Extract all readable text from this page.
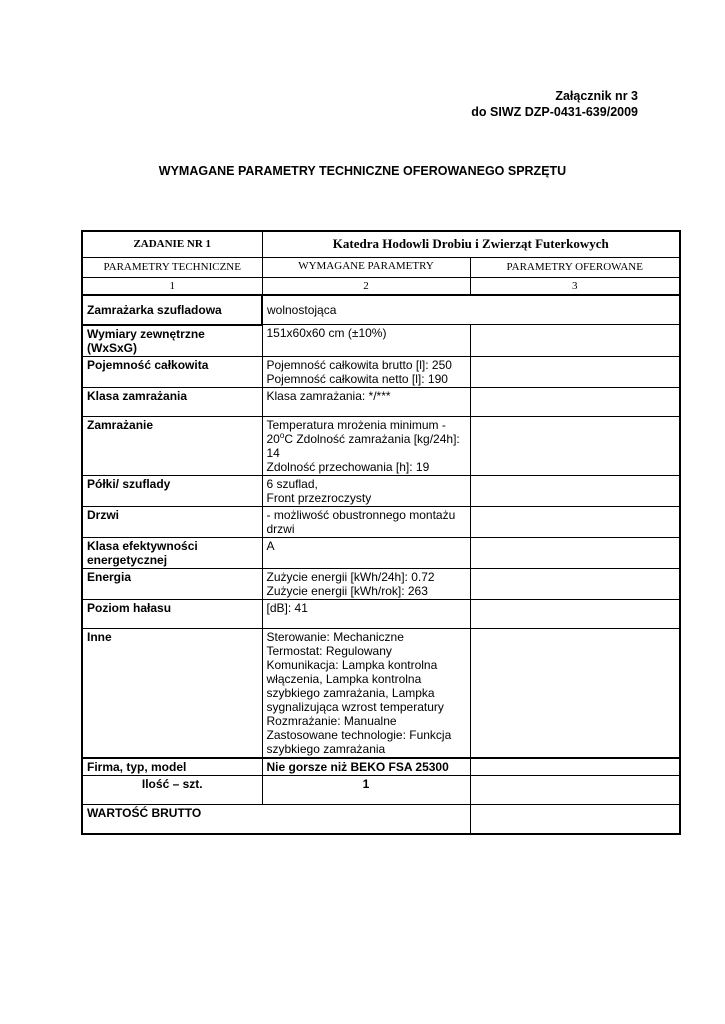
Załącznik nr 3
do SIWZ DZP-0431-639/2009
WYMAGANE PARAMETRY TECHNICZNE OFEROWANEGO SPRZĘTU
ZADANIE NR 1	Katedra Hodowli Drobiu i Zwierząt Futerkowych	
PARAMETRY TECHNICZNE	WYMAGANE PARAMETRY	PARAMETRY OFEROWANE
1	2	3
Zamrażarka szufladowa	wolnostojąca	
Wymiary zewnętrzne (WxSxG)	151x60x60 cm (±10%)	
Pojemność całkowita	Pojemność całkowita brutto [l]: 250
Pojemność całkowita netto [l]: 190	

Klasa zamrażania	Klasa zamrażania: */***	
Zamrażanie	Temperatura mrożenia minimum -
20$^o$C Zdolność zamrażania [kg/24h]:
14
Zdolność przechowania [h]: 19	

Półki/ szuflady	6 szuflad,
Front przezroczysty	

Drzwi	- możliwość obustronnego montażu drzwi	
Klasa efektywności energetycznej	A	
Energia	Zużycie energii [kWh/24h]: 0.72
Zużycie energii [kWh/rok]: 263	

Poziom hałasu	[dB]: 41	
Inne	Sterowanie: Mechaniczne
Termostat: Regulowany
Komunikacja: Lampka kontrolna włączenia, Lampka kontrolna szybkiego zamrażania, Lampka sygnalizująca wzrost temperatury
Rozmrażanie: Manualne
Zastosowane technologie: Funkcja szybkiego zamrażania	

Firma, typ, model	Nie gorsze niż BEKO FSA 25300	
Ilość – szt.	1	
WARTOŚĆ BRUTTO		
